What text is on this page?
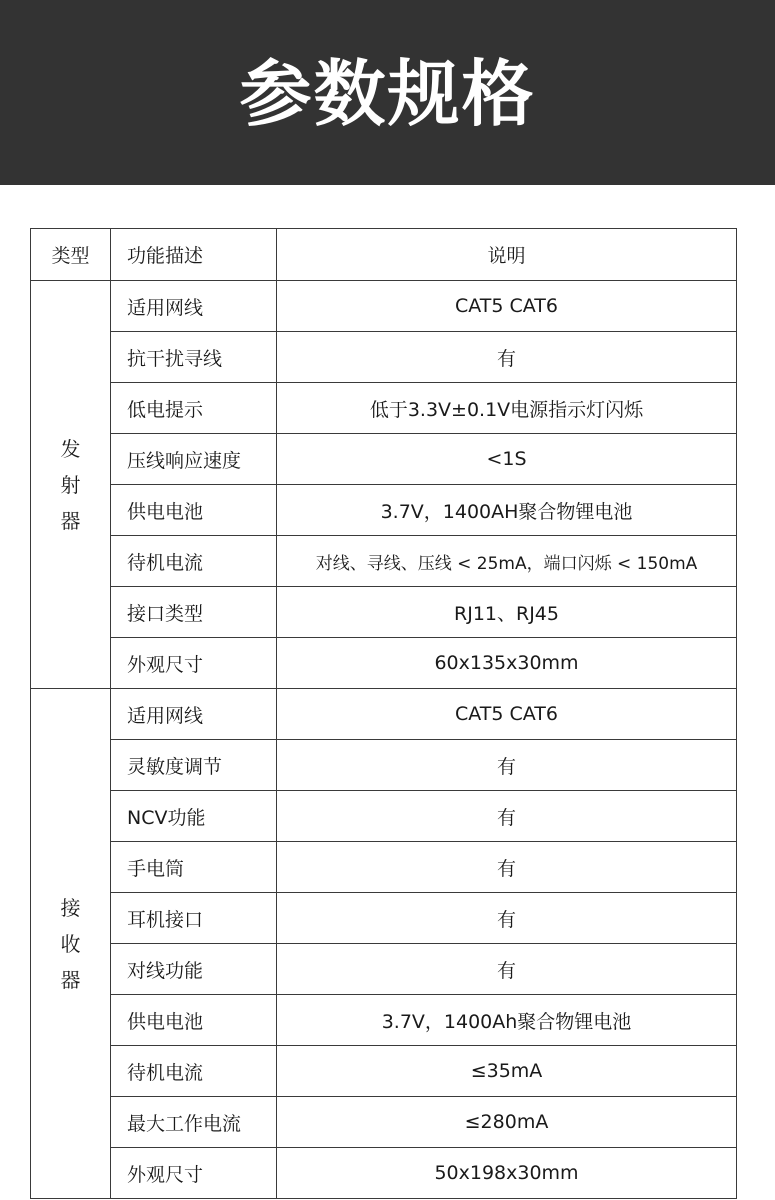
参数规格
类型	功能描述	说明

发
射
器	适用网线	CAT5 CAT6
	抗干扰寻线	有
	低电提示	低于3.3V±0.1V电源指示灯闪烁
	压线响应速度	<1S
	供电电池	3.7V，1400AH聚合物锂电池
	待机电流	对线、寻线、压线 < 25mA，端口闪烁 < 150mA
	接口类型	RJ11、RJ45
	外观尺寸	60x135x30mm

接
收
器	适用网线	CAT5 CAT6
	灵敏度调节	有
	NCV功能	有
	手电筒	有
	耳机接口	有
	对线功能	有
	供电电池	3.7V，1400Ah聚合物锂电池
	待机电流	≤35mA
	最大工作电流	≤280mA
	外观尺寸	50x198x30mm
